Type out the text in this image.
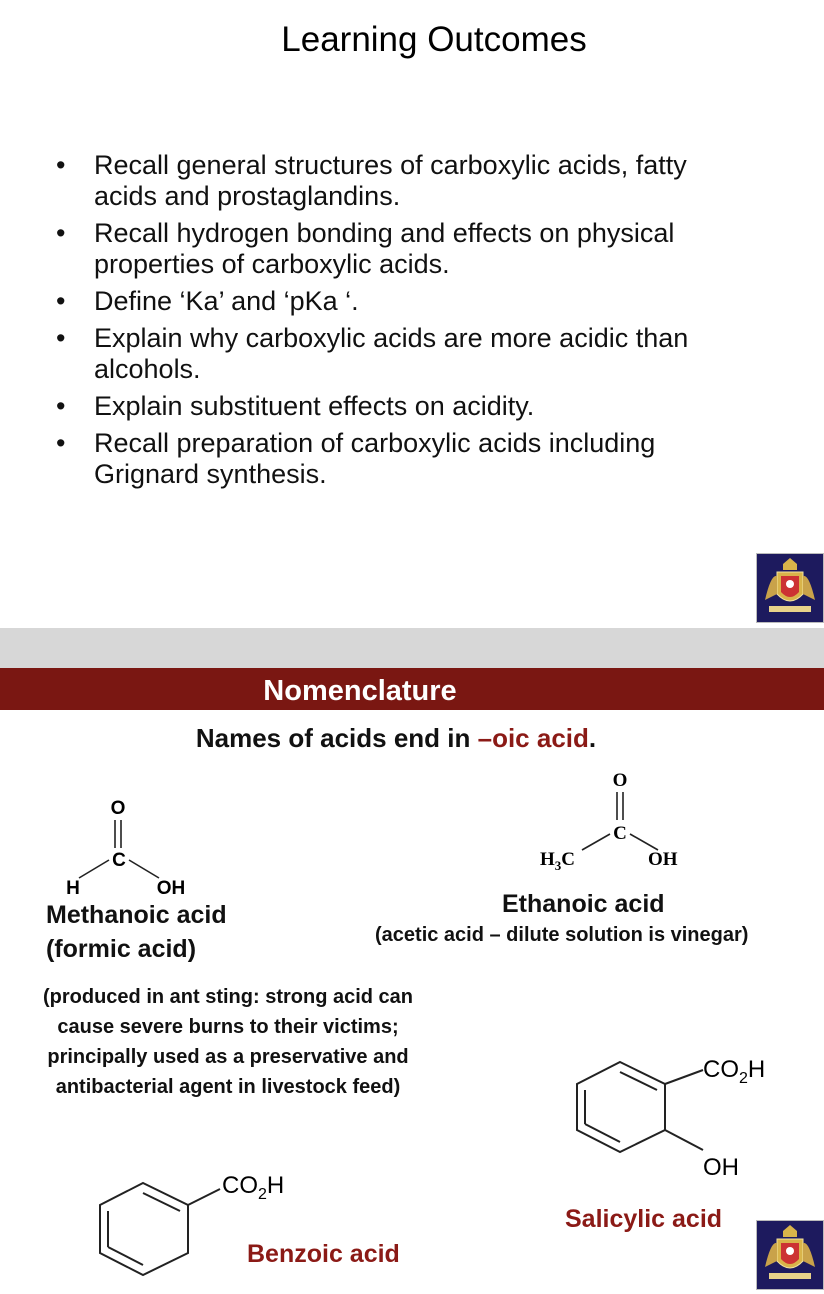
Learning Outcomes
• Recall general structures of carboxylic acids, fatty
acids and prostaglandins.
• Recall hydrogen bonding and effects on physical
properties of carboxylic acids.
• Define ‘Ka’ and ‘pKa ‘.
• Explain why carboxylic acids are more acidic than
alcohols.
• Explain substituent effects on acidity.
• Recall preparation of carboxylic acids including
Grignard synthesis.
Nomenclature
Names of acids end in –oic acid.
O
C
H	OH
Methanoic acid
(formic acid)
(produced in ant sting: strong acid can
cause severe burns to their victims;
principally used as a preservative and
antibacterial agent in livestock feed)
O
C
$H_3C$	OH
Ethanoic acid
(acetic acid – dilute solution is vinegar)
$CO_2H$
OH
Salicylic acid
$CO_2H$
Benzoic acid
